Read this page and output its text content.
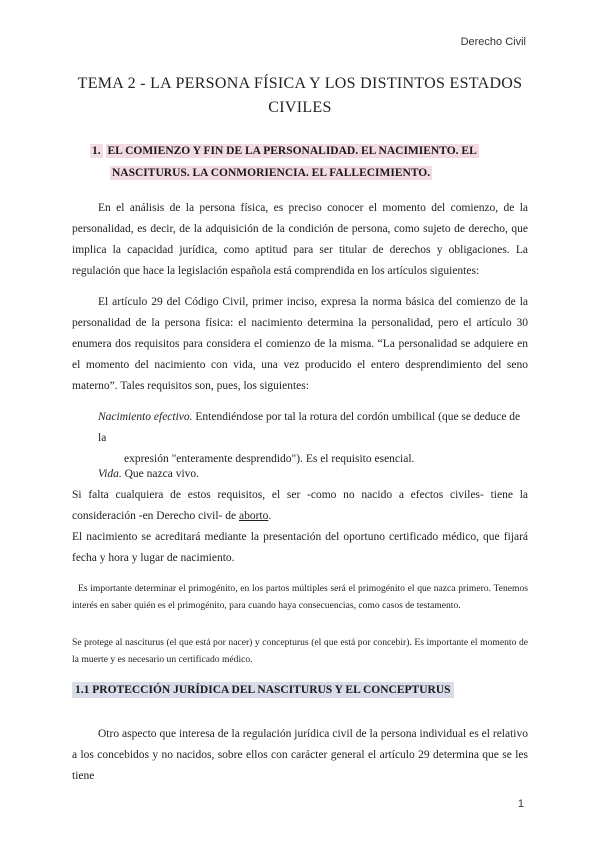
Derecho Civil
TEMA 2 - LA PERSONA FÍSICA Y LOS DISTINTOS ESTADOS
CIVILES
1. EL COMIENZO Y FIN DE LA PERSONALIDAD. EL NACIMIENTO. EL
NASCITURUS. LA CONMORIENCIA. EL FALLECIMIENTO.
En el análisis de la persona física, es preciso conocer el momento del comienzo, de la personalidad, es decir, de la adquisición de la condición de persona, como sujeto de derecho, que implica la capacidad jurídica, como aptitud para ser titular de derechos y obligaciones. La regulación que hace la legislación española está comprendida en los artículos siguientes:
El artículo 29 del Código Civil, primer inciso, expresa la norma básica del comienzo de la personalidad de la persona física: el nacimiento determina la personalidad, pero el artículo 30 enumera dos requisitos para considera el comienzo de la misma. “La personalidad se adquiere en el momento del nacimiento con vida, una vez producido el entero desprendimiento del seno materno”. Tales requisitos son, pues, los siguientes:
Nacimiento efectivo. Entendiéndose por tal la rotura del cordón umbilical (que se deduce de la
expresión "enteramente desprendido"). Es el requisito esencial.
Vida. Que nazca vivo.
Si falta cualquiera de estos requisitos, el ser -como no nacido a efectos civiles- tiene la consideración -en Derecho civil- de aborto.
El nacimiento se acreditará mediante la presentación del oportuno certificado médico, que fijará fecha y hora y lugar de nacimiento.
Es importante determinar el primogénito, en los partos múltiples será el primogénito el que nazca primero. Tenemos interés en saber quién es el primogénito, para cuando haya consecuencias, como casos de testamento.
Se protege al nasciturus (el que está por nacer) y concepturus (el que está por concebir). Es importante el momento de la muerte y es necesario un certificado médico.
1.1 PROTECCIÓN JURÍDICA DEL NASCITURUS Y EL CONCEPTURUS
Otro aspecto que interesa de la regulación jurídica civil de la persona individual es el relativo a los concebidos y no nacidos, sobre ellos con carácter general el artículo 29 determina que se les tiene
1
